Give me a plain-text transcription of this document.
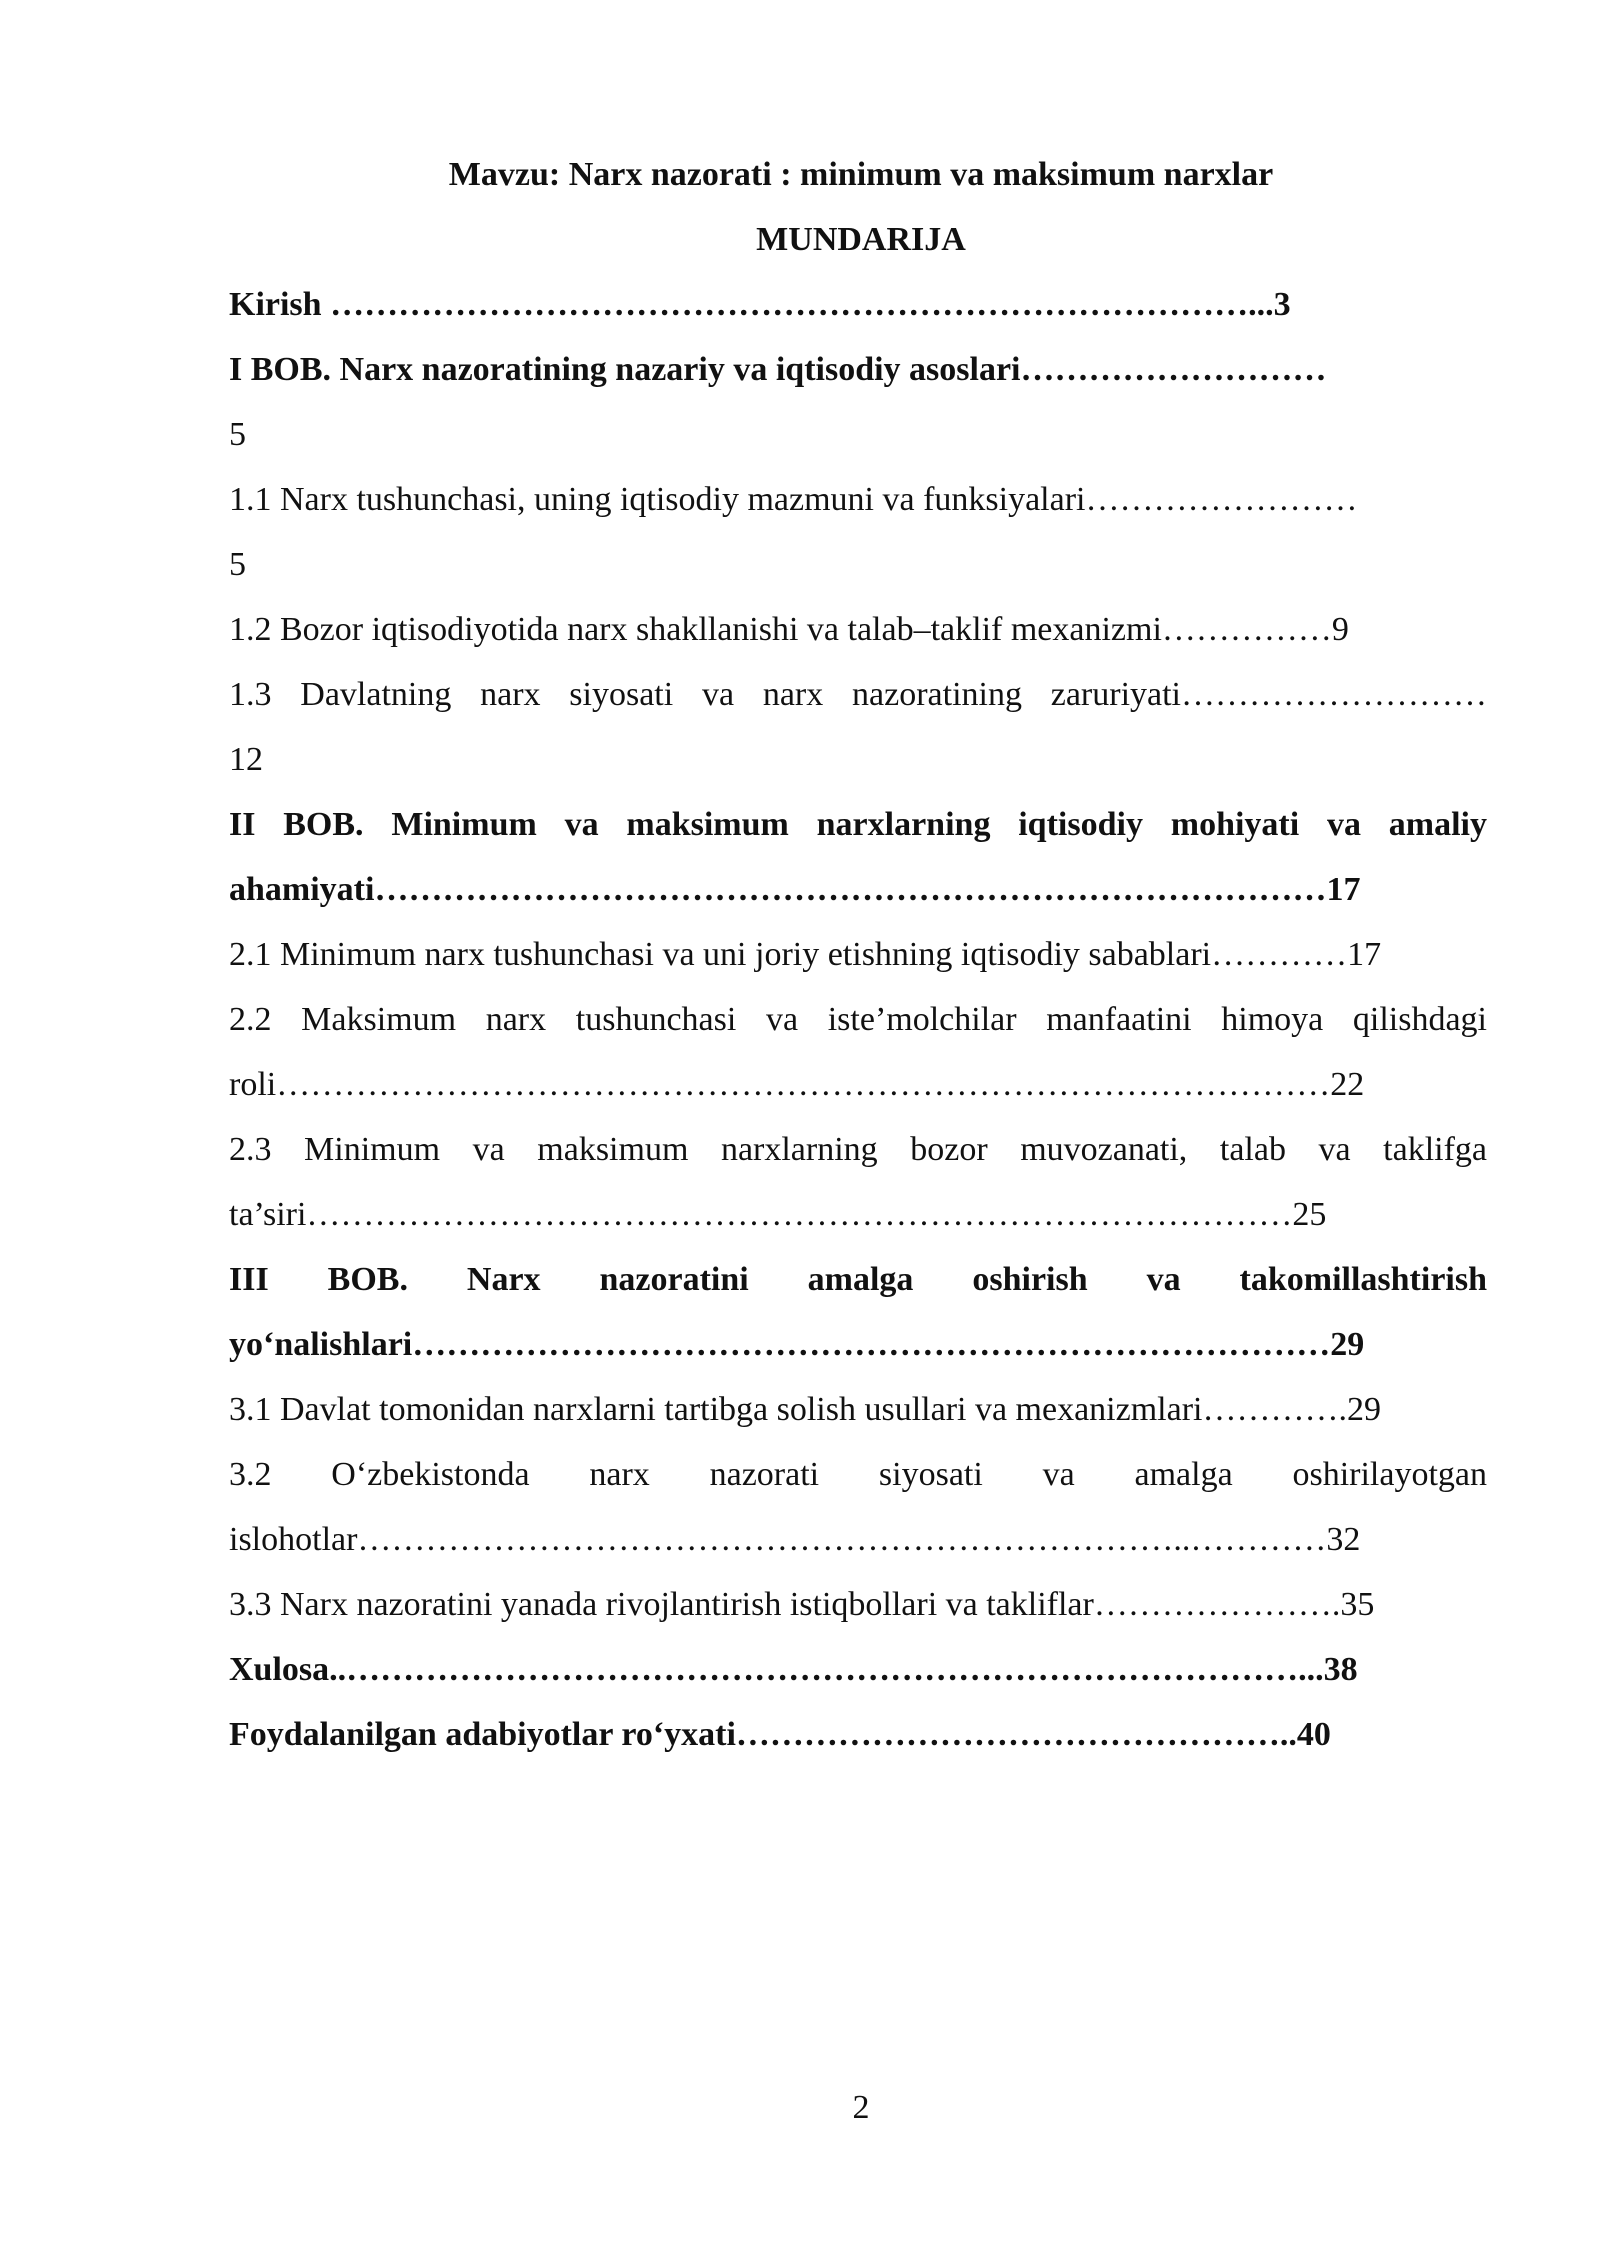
Mavzu: Narx nazorati : minimum va maksimum narxlar
MUNDARIJA
Kirish ………………………………………………………………………...3
I BOB. Narx nazoratining nazariy va iqtisodiy asoslari………………………
5
1.1 Narx tushunchasi, uning iqtisodiy mazmuni va funksiyalari……………………
5
1.2 Bozor iqtisodiyotida narx shakllanishi va talab–taklif mexanizmi……………9
1.3 Davlatning narx siyosati va narx nazoratining zaruriyati………………………
12
II BOB. Minimum va maksimum narxlarning iqtisodiy mohiyati va amaliy
ahamiyati…………………………………………………………………………17
2.1 Minimum narx tushunchasi va uni joriy etishning iqtisodiy sabablari…………17
2.2 Maksimum narx tushunchasi va iste’molchilar manfaatini himoya qilishdagi
roli…………………………………………………………………………………22
2.3 Minimum va maksimum narxlarning bozor muvozanati, talab va taklifga
ta’siri……………………………………………………………………………25
III BOB. Narx nazoratini amalga oshirish va takomillashtirish
yo‘nalishlari………………………………………………………………………29
3.1 Davlat tomonidan narxlarni tartibga solish usullari va mexanizmlari………….29
3.2 O‘zbekistonda narx nazorati siyosati va amalga oshirilayotgan
islohotlar………………………………………………………………..…………32
3.3 Narx nazoratini yanada rivojlantirish istiqbollari va takliflar………………….35
Xulosa..…………………………………………………………………………...38
Foydalanilgan adabiyotlar ro‘yxati…………………………………………..40
2
